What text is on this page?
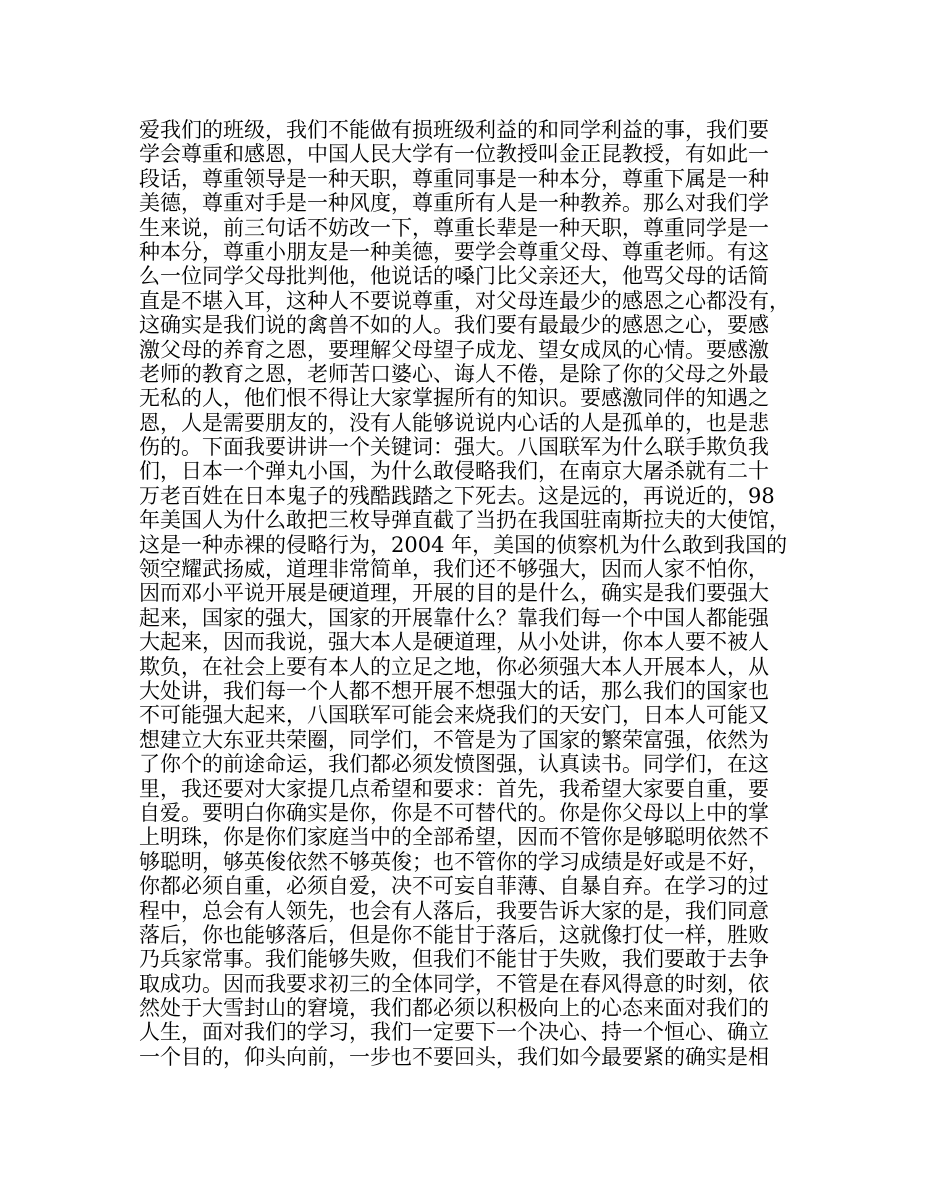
爱我们的班级，我们不能做有损班级利益的和同学利益的事，我们要
学会尊重和感恩，中国人民大学有一位教授叫金正昆教授，有如此一
段话，尊重领导是一种天职，尊重同事是一种本分，尊重下属是一种
美德，尊重对手是一种风度，尊重所有人是一种教养。那么对我们学
生来说，前三句话不妨改一下，尊重长辈是一种天职，尊重同学是一
种本分，尊重小朋友是一种美德，要学会尊重父母、尊重老师。有这
么一位同学父母批判他，他说话的嗓门比父亲还大，他骂父母的话简
直是不堪入耳，这种人不要说尊重，对父母连最少的感恩之心都没有，
这确实是我们说的禽兽不如的人。我们要有最最少的感恩之心，要感
激父母的养育之恩，要理解父母望子成龙、望女成凤的心情。要感激
老师的教育之恩，老师苦口婆心、诲人不倦，是除了你的父母之外最
无私的人，他们恨不得让大家掌握所有的知识。要感激同伴的知遇之
恩，人是需要朋友的，没有人能够说说内心话的人是孤单的，也是悲
伤的。下面我要讲讲一个关键词：强大。八国联军为什么联手欺负我
们，日本一个弹丸小国，为什么敢侵略我们，在南京大屠杀就有二十
万老百姓在日本鬼子的残酷践踏之下死去。这是远的，再说近的，98
年美国人为什么敢把三枚导弹直截了当扔在我国驻南斯拉夫的大使馆，
这是一种赤裸的侵略行为，2004 年，美国的侦察机为什么敢到我国的
领空耀武扬威，道理非常简单，我们还不够强大，因而人家不怕你，
因而邓小平说开展是硬道理，开展的目的是什么，确实是我们要强大
起来，国家的强大，国家的开展靠什么？靠我们每一个中国人都能强
大起来，因而我说，强大本人是硬道理，从小处讲，你本人要不被人
欺负，在社会上要有本人的立足之地，你必须强大本人开展本人，从
大处讲，我们每一个人都不想开展不想强大的话，那么我们的国家也
不可能强大起来，八国联军可能会来烧我们的天安门，日本人可能又
想建立大东亚共荣圈，同学们，不管是为了国家的繁荣富强，依然为
了你个的前途命运，我们都必须发愤图强，认真读书。同学们，在这
里，我还要对大家提几点希望和要求：首先，我希望大家要自重，要
自爱。要明白你确实是你，你是不可替代的。你是你父母以上中的掌
上明珠，你是你们家庭当中的全部希望，因而不管你是够聪明依然不
够聪明，够英俊依然不够英俊；也不管你的学习成绩是好或是不好，
你都必须自重，必须自爱，决不可妄自菲薄、自暴自弃。在学习的过
程中，总会有人领先，也会有人落后，我要告诉大家的是，我们同意
落后，你也能够落后，但是你不能甘于落后，这就像打仗一样，胜败
乃兵家常事。我们能够失败，但我们不能甘于失败，我们要敢于去争
取成功。因而我要求初三的全体同学，不管是在春风得意的时刻，依
然处于大雪封山的窘境，我们都必须以积极向上的心态来面对我们的
人生，面对我们的学习，我们一定要下一个决心、持一个恒心、确立
一个目的，仰头向前，一步也不要回头，我们如今最要紧的确实是相
